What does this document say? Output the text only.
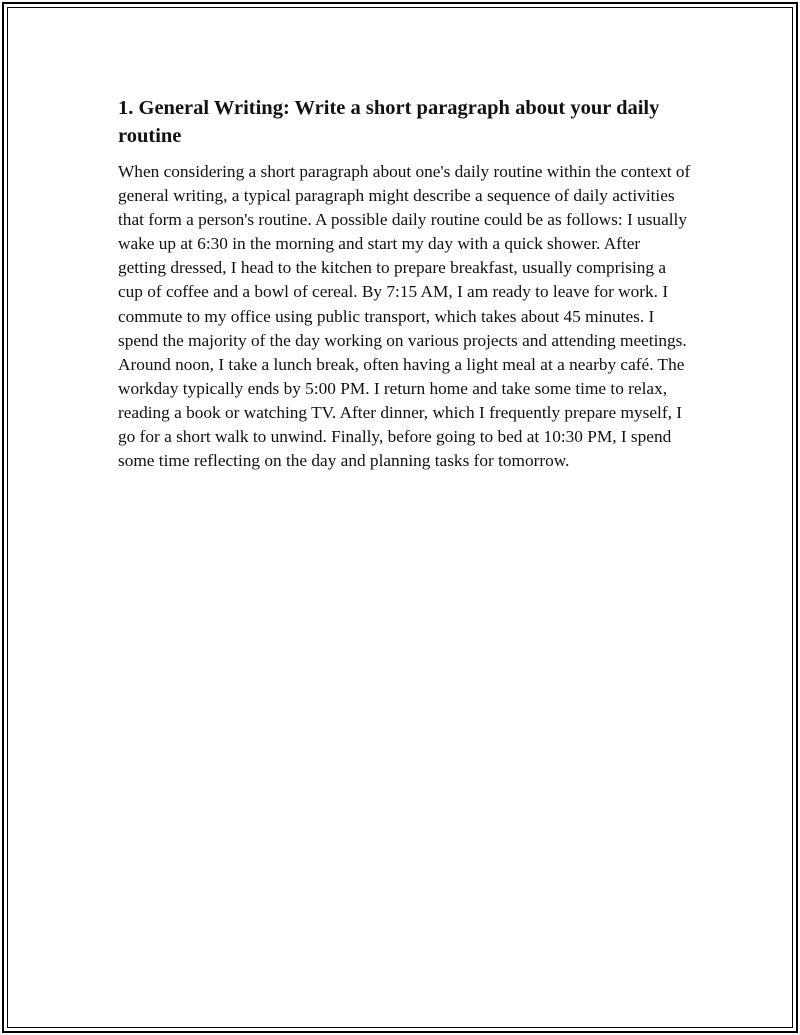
1. General Writing: Write a short paragraph about your daily routine

When considering a short paragraph about one's daily routine within the context of general writing, a typical paragraph might describe a sequence of daily activities that form a person's routine. A possible daily routine could be as follows: I usually wake up at 6:30 in the morning and start my day with a quick shower. After getting dressed, I head to the kitchen to prepare breakfast, usually comprising a cup of coffee and a bowl of cereal. By 7:15 AM, I am ready to leave for work. I commute to my office using public transport, which takes about 45 minutes. I spend the majority of the day working on various projects and attending meetings. Around noon, I take a lunch break, often having a light meal at a nearby café. The workday typically ends by 5:00 PM. I return home and take some time to relax, reading a book or watching TV. After dinner, which I frequently prepare myself, I go for a short walk to unwind. Finally, before going to bed at 10:30 PM, I spend some time reflecting on the day and planning tasks for tomorrow.
